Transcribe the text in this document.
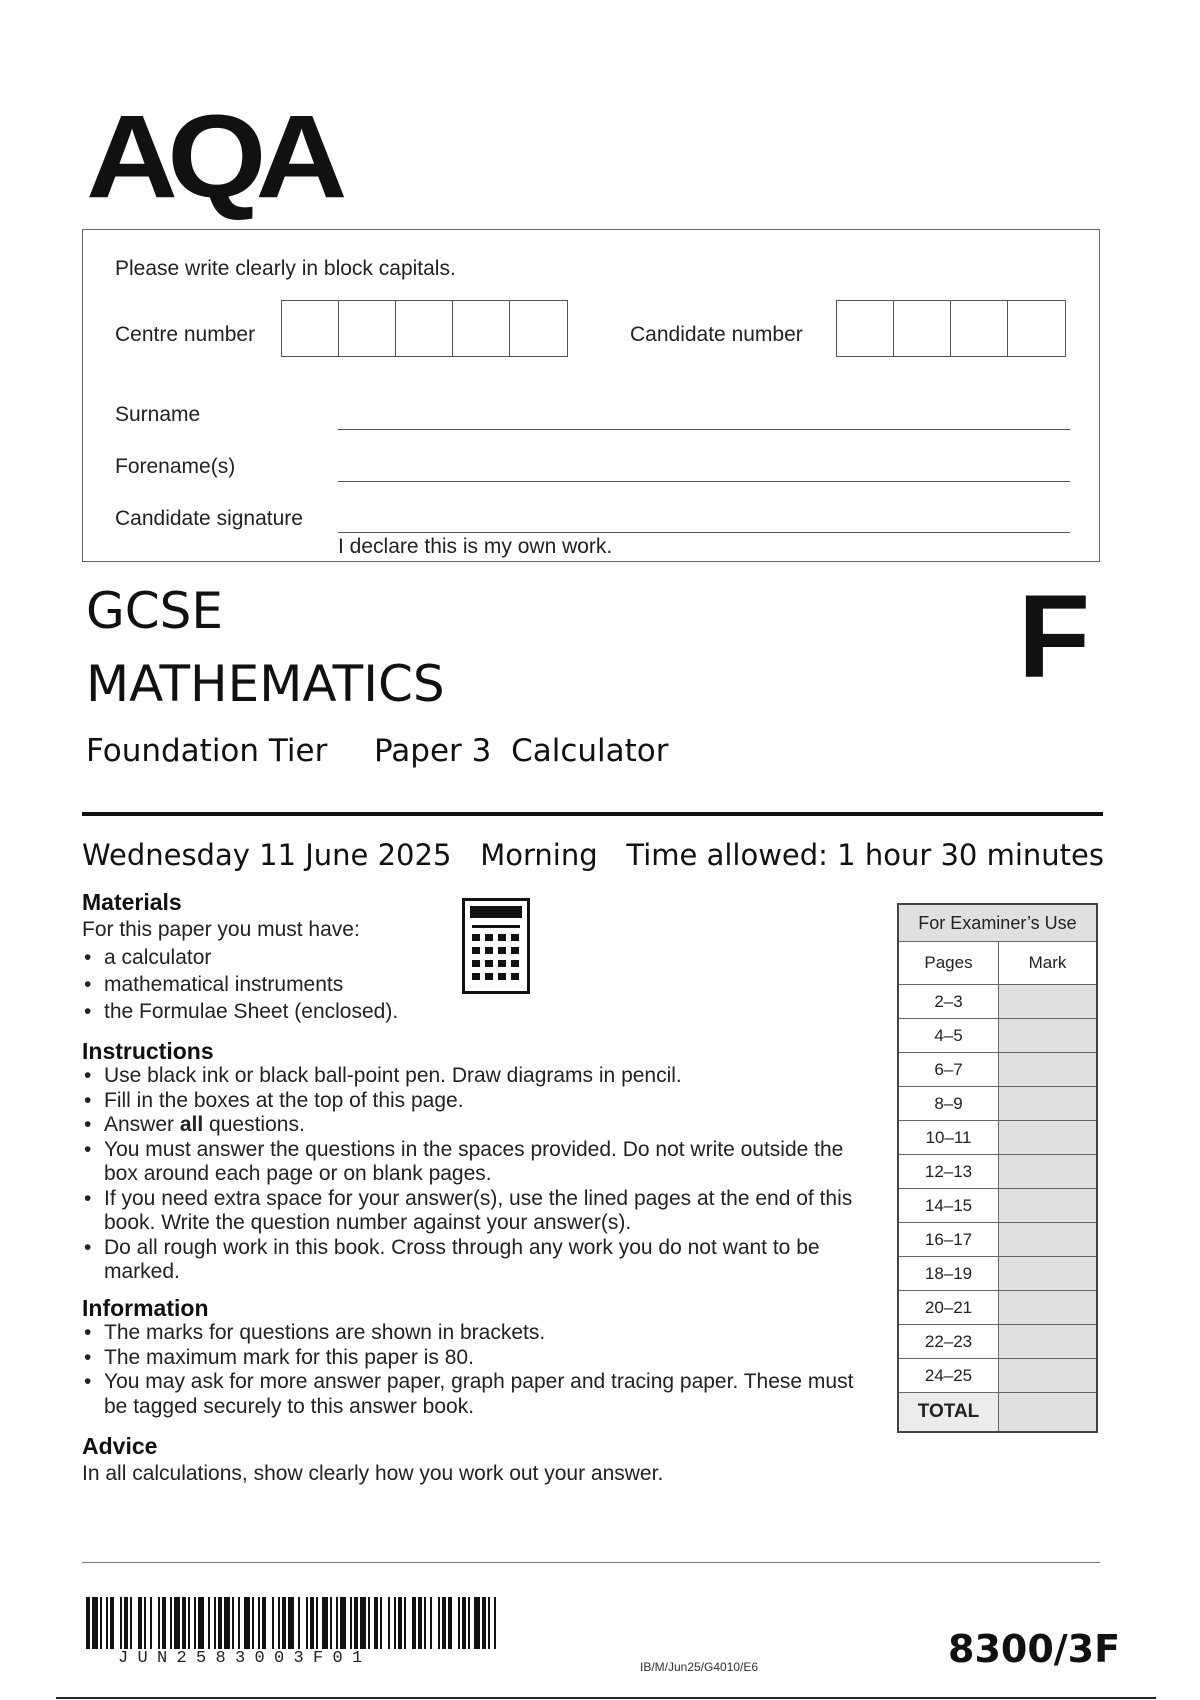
AQA
Please write clearly in block capitals.
Centre number	Candidate number
Surname
Forename(s)
Candidate signature
I declare this is my own work.
GCSE
MATHEMATICS
Foundation Tier Paper 3  Calculator
F
Wednesday 11 June 2025 Morning Time allowed: 1 hour 30 minutes
Materials
For this paper you must have:
• a calculator
• mathematical instruments
• the Formulae Sheet (enclosed).
Instructions
• Use black ink or black ball-point pen. Draw diagrams in pencil.
• Fill in the boxes at the top of this page.
• Answer all questions.
• You must answer the questions in the spaces provided. Do not write outside the box around each page or on blank pages.
• If you need extra space for your answer(s), use the lined pages at the end of this book. Write the question number against your answer(s).
• Do all rough work in this book. Cross through any work you do not want to be marked.
Information
• The marks for questions are shown in brackets.
• The maximum mark for this paper is 80.
• You may ask for more answer paper, graph paper and tracing paper. These must be tagged securely to this answer book.
Advice
In all calculations, show clearly how you work out your answer.
For Examiner’s Use	
Pages	Mark
2–3	
4–5	
6–7	
8–9	
10–11	
12–13	
14–15	
16–17	
18–19	
20–21	
22–23	
24–25	
TOTAL	
JUN2583003F01	IB/M/Jun25/G4010/E6	8300/3F
